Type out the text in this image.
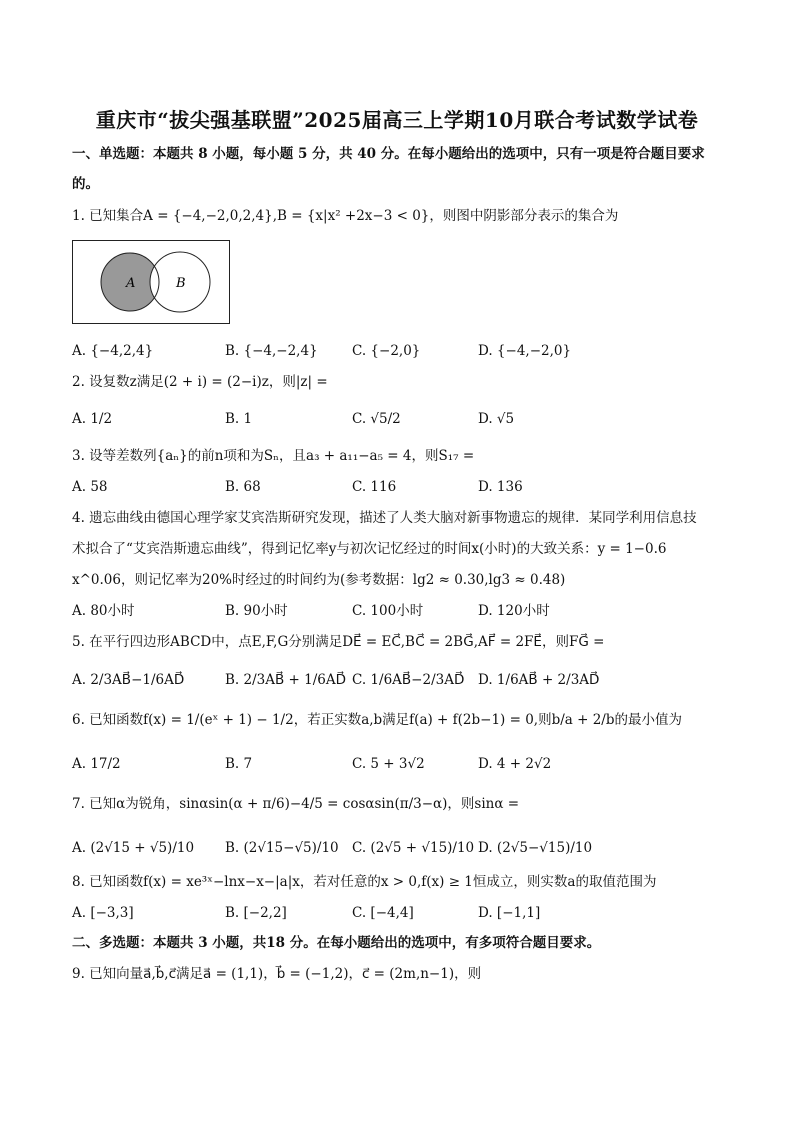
重庆市“拔尖强基联盟”2025届高三上学期10月联合考试数学试卷
一、单选题：本题共 8 小题，每小题 5 分，共 40 分。在每小题给出的选项中，只有一项是符合题目要求
的。
1. 已知集合A = {−4,−2,0,2,4},B = {x|x² +2x−3 < 0}，则图中阴影部分表示的集合为
A	B
A. {−4,2,4}	B. {−4,−2,4}	C. {−2,0}	D. {−4,−2,0}
2. 设复数z满足(2 + i) = (2−i)z，则|z| =
A. 1/2	B. 1	C. √5/2	D. √5
3. 设等差数列{aₙ}的前n项和为Sₙ，且a₃ + a₁₁−a₅ = 4，则S₁₇ =
A. 58	B. 68	C. 116	D. 136
4. 遗忘曲线由德国心理学家艾宾浩斯研究发现，描述了人类大脑对新事物遗忘的规律．某同学利用信息技
术拟合了“艾宾浩斯遗忘曲线”，得到记忆率y与初次记忆经过的时间x(小时)的大致关系：y = 1−0.6
x^0.06，则记忆率为20%时经过的时间约为(参考数据：lg2 ≈ 0.30,lg3 ≈ 0.48)
A. 80小时	B. 90小时	C. 100小时	D. 120小时
5. 在平行四边形ABCD中，点E,F,G分别满足DE⃗ = EC⃗,BC⃗ = 2BG⃗,AF⃗ = 2FE⃗，则FG⃗ =
A. 2/3AB⃗−1/6AD⃗	B. 2/3AB⃗ + 1/6AD⃗ C. 1/6AB⃗−2/3AD⃗ D. 1/6AB⃗ + 2/3AD⃗
6. 已知函数f(x) = 1/(eˣ + 1) − 1/2，若正实数a,b满足f(a) + f(2b−1) = 0,则b/a + 2/b的最小值为
A. 17/2	B. 7	C. 5 + 3√2	D. 4 + 2√2
7. 已知α为锐角，sinαsin(α + π/6)−4/5 = cosαsin(π/3−α)，则sinα =
A. (2√15 + √5)/10 B. (2√15−√5)/10 C. (2√5 + √15)/10 D. (2√5−√15)/10
8. 已知函数f(x) = xe³ˣ−lnx−x−|a|x，若对任意的x > 0,f(x) ≥ 1恒成立，则实数a的取值范围为
A. [−3,3]	B. [−2,2]	C. [−4,4]	D. [−1,1]
二、多选题：本题共 3 小题，共18 分。在每小题给出的选项中，有多项符合题目要求。
9. 已知向量a⃗,b⃗,c⃗满足a⃗ = (1,1)，b⃗ = (−1,2)，c⃗ = (2m,n−1)，则
